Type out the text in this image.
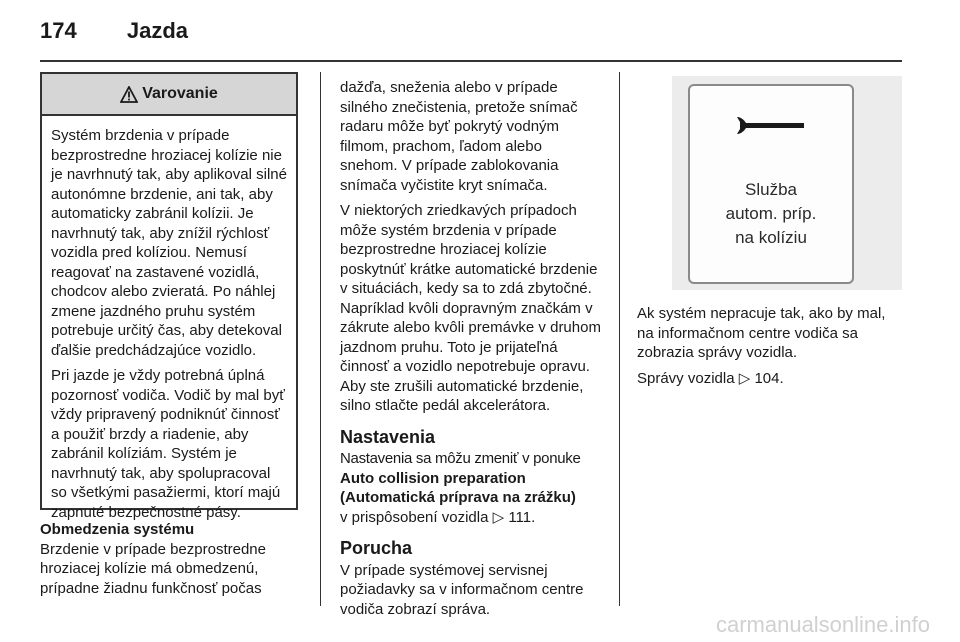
174 Jazda
Varovanie

Systém brzdenia v prípade bezprostredne hroziacej kolízie nie je navrhnutý tak, aby aplikoval silné autonómne brzdenie, ani tak, aby automaticky zabránil kolízii. Je navrhnutý tak, aby znížil rýchlosť vozidla pred kolíziou. Nemusí reagovať na zastavené vozidlá, chodcov alebo zvieratá. Po náhlej zmene jazdného pruhu systém potrebuje určitý čas, aby detekoval ďalšie predchádzajúce vozidlo.

Pri jazde je vždy potrebná úplná pozornosť vodiča. Vodič by mal byť vždy pripravený podniknúť činnosť a použiť brzdy a riadenie, aby zabránil kolíziám. Systém je navrhnutý tak, aby spolupracoval so všetkými pasažiermi, ktorí majú zapnuté bezpečnostné pásy.

Obmedzenia systému
Brzdenie v prípade bezprostredne hroziacej kolízie má obmedzenú, prípadne žiadnu funkčnosť počas

dažďa, sneženia alebo v prípade silného znečistenia, pretože snímač radaru môže byť pokrytý vodným filmom, prachom, ľadom alebo snehom. V prípade zablokovania snímača vyčistite kryt snímača.

V niektorých zriedkavých prípadoch môže systém brzdenia v prípade bezprostredne hroziacej kolízie poskytnúť krátke automatické brzdenie v situáciách, kedy sa to zdá zbytočné. Napríklad kvôli dopravným značkám v zákrute alebo kvôli premávke v druhom jazdnom pruhu. Toto je prijateľná činnosť a vozidlo nepotrebuje opravu. Aby ste zrušili automatické brzdenie, silno stlačte pedál akcelerátora.

Nastavenia
Nastavenia sa môžu zmeniť v ponuke
Auto collision preparation
(Automatická príprava na zrážku)
v prispôsobení vozidla ▷ 111.
Porucha

V prípade systémovej servisnej požiadavky sa v informačnom centre vodiča zobrazí správa.

Služba
autom. príp.
na kolíziu

Ak systém nepracuje tak, ako by mal, na informačnom centre vodiča sa zobrazia správy vozidla.

Správy vozidla ▷ 104.

carmanualsonline.info
